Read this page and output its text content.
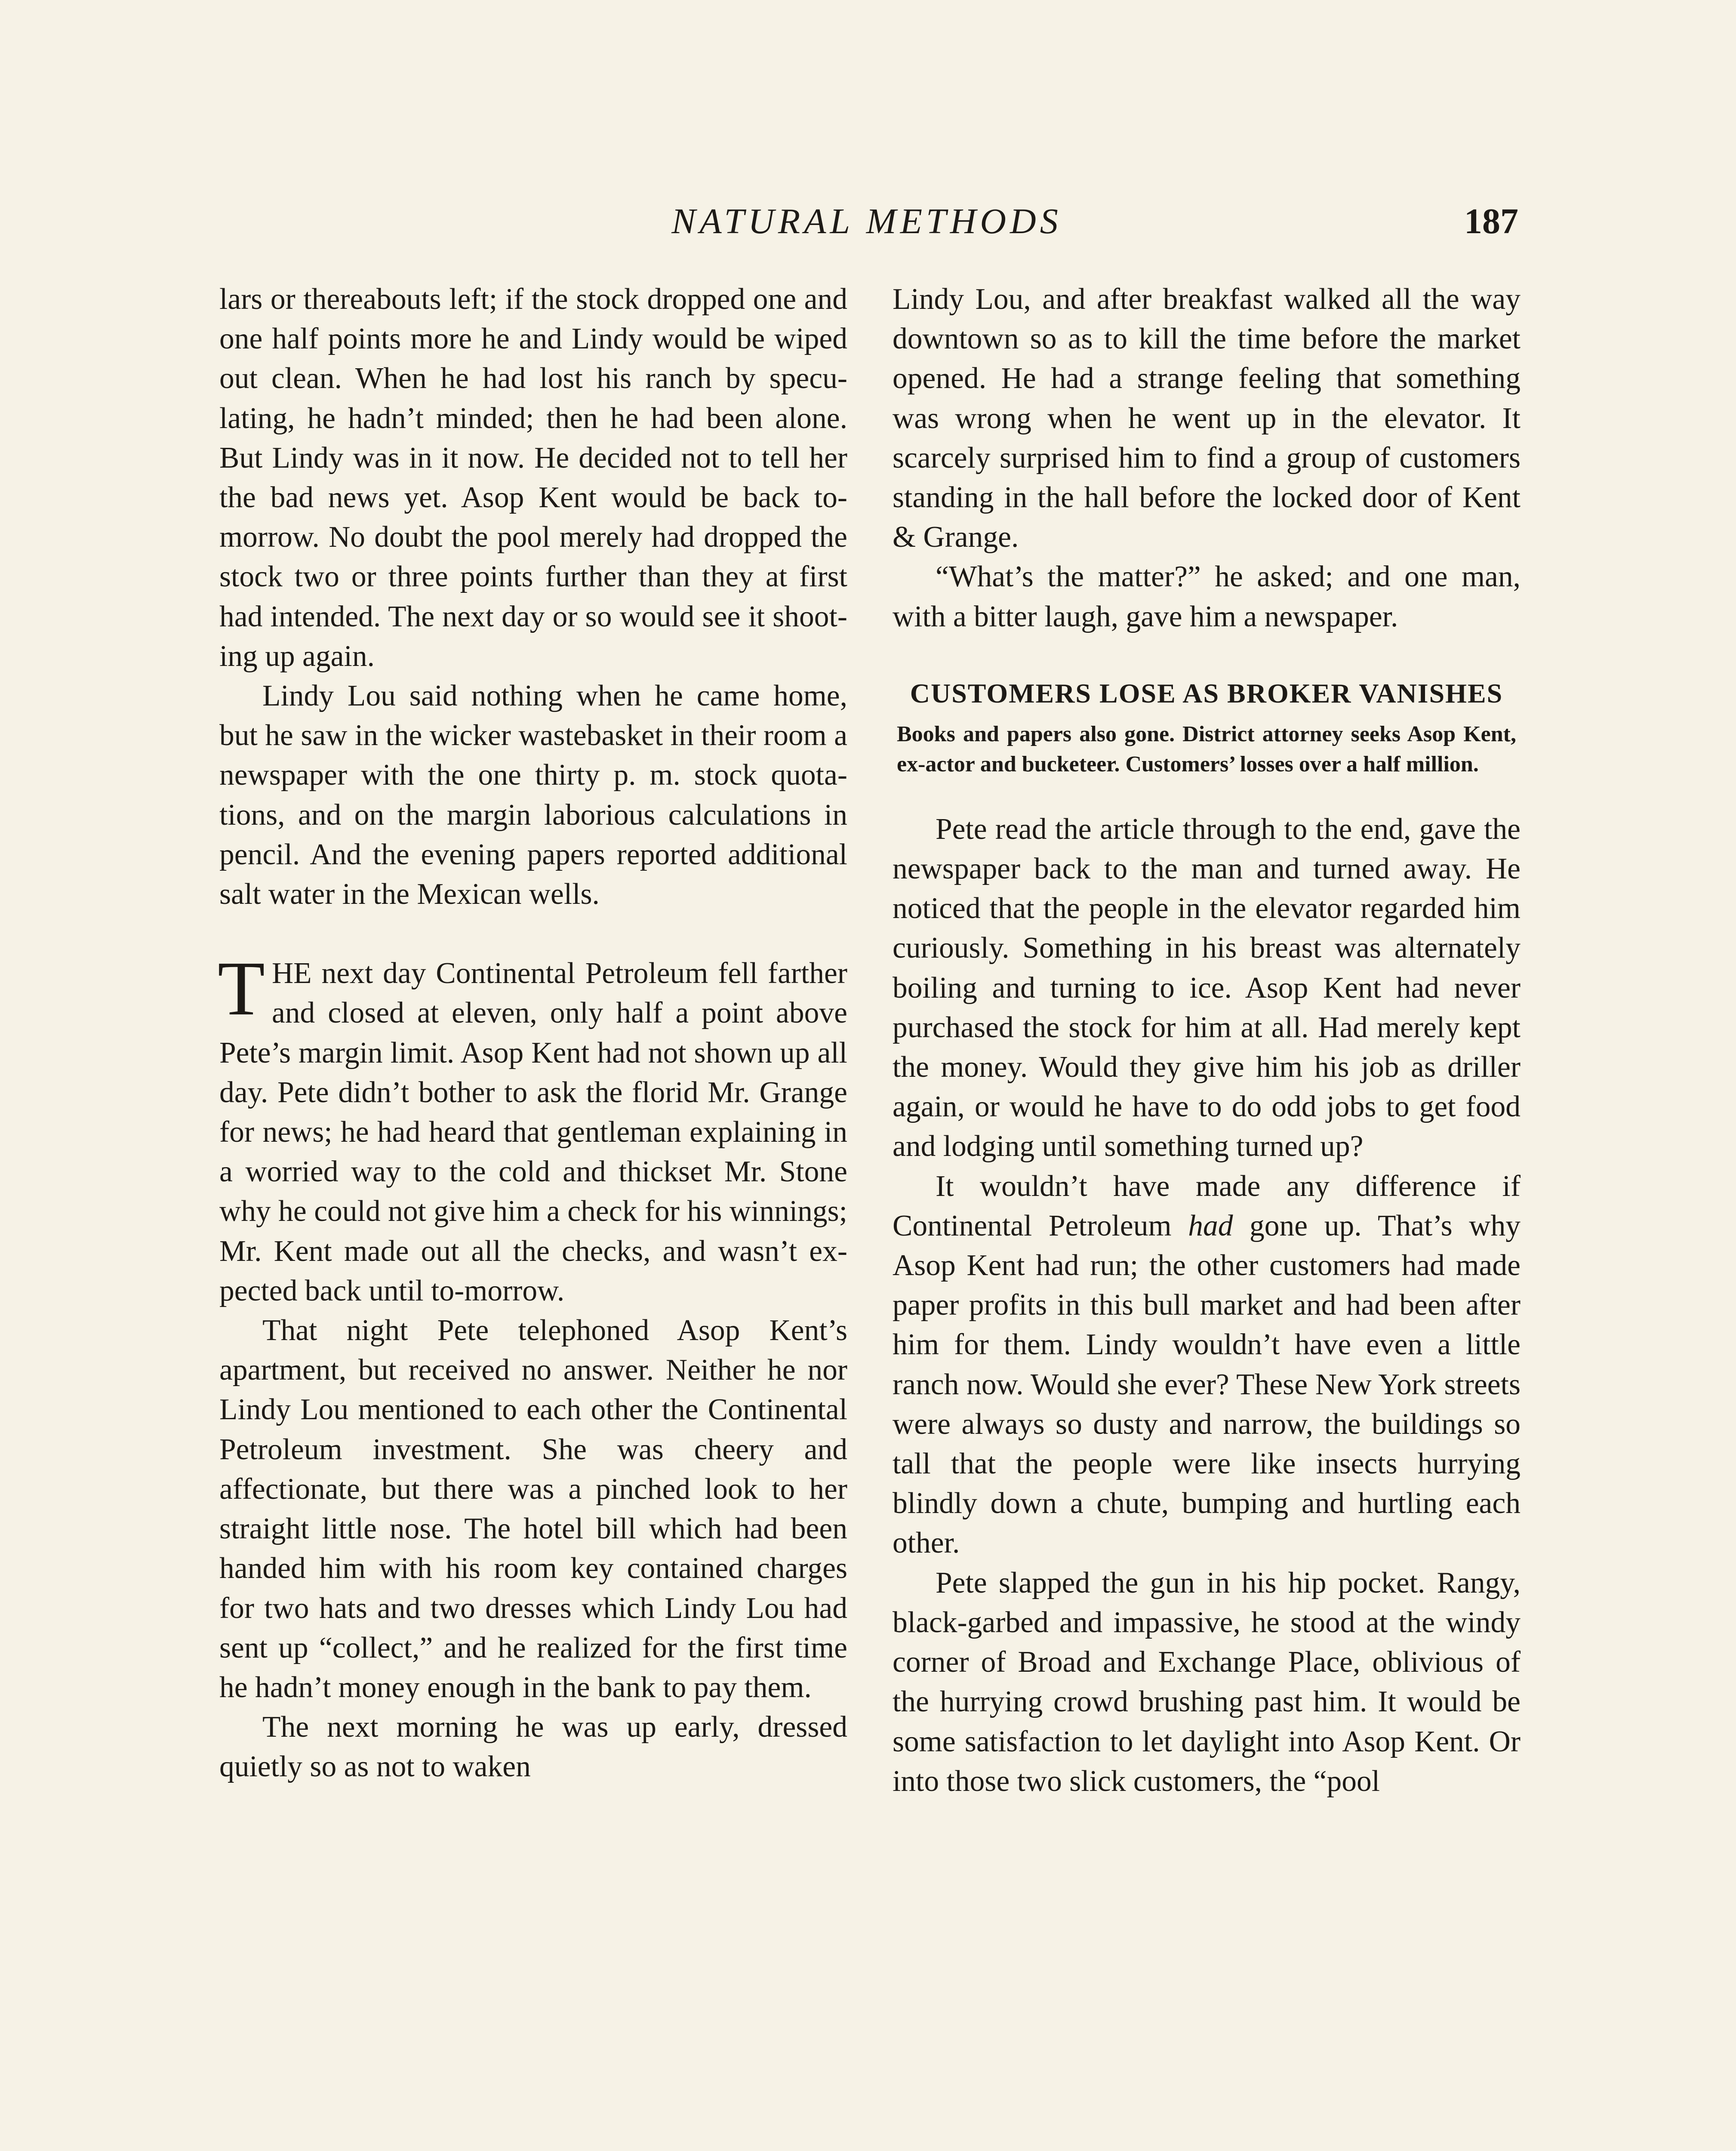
NATURAL METHODS	187

lars or thereabouts left; if the stock dropped one and one half points more he and Lindy would be wiped out clean. When he had lost his ranch by speculating, he hadn’t minded; then he had been alone. But Lindy was in it now. He decided not to tell her the bad news yet. Asop Kent would be back tomorrow. No doubt the pool merely had dropped the stock two or three points further than they at first had intended. The next day or so would see it shooting up again.

Lindy Lou said nothing when he came home, but he saw in the wicker wastebasket in their room a newspaper with the one thirty p. m. stock quotations, and on the margin laborious calculations in pencil. And the evening papers reported additional salt water in the Mexican wells.

THE next day Continental Petroleum fell farther and closed at eleven, only half a point above Pete’s margin limit. Asop Kent had not shown up all day. Pete didn’t bother to ask the florid Mr. Grange for news; he had heard that gentleman explaining in a worried way to the cold and thickset Mr. Stone why he could not give him a check for his winnings; Mr. Kent made out all the checks, and wasn’t expected back until to-morrow.

That night Pete telephoned Asop Kent’s apartment, but received no answer. Neither he nor Lindy Lou mentioned to each other the Continental Petroleum investment. She was cheery and affectionate, but there was a pinched look to her straight little nose. The hotel bill which had been handed him with his room key contained charges for two hats and two dresses which Lindy Lou had sent up “collect,” and he realized for the first time he hadn’t money enough in the bank to pay them.

The next morning he was up early, dressed quietly so as not to waken

Lindy Lou, and after breakfast walked all the way downtown so as to kill the time before the market opened. He had a strange feeling that something was wrong when he went up in the elevator. It scarcely surprised him to find a group of customers standing in the hall before the locked door of Kent & Grange.

“What’s the matter?” he asked; and one man, with a bitter laugh, gave him a newspaper.

CUSTOMERS LOSE AS BROKER VANISHES
Books and papers also gone. District attorney seeks Asop Kent, ex-actor and bucketeer. Customers’ losses over a half million.

Pete read the article through to the end, gave the newspaper back to the man and turned away. He noticed that the people in the elevator regarded him curiously. Something in his breast was alternately boiling and turning to ice. Asop Kent had never purchased the stock for him at all. Had merely kept the money. Would they give him his job as driller again, or would he have to do odd jobs to get food and lodging until something turned up?

It wouldn’t have made any difference if Continental Petroleum had gone up. That’s why Asop Kent had run; the other customers had made paper profits in this bull market and had been after him for them. Lindy wouldn’t have even a little ranch now. Would she ever? These New York streets were always so dusty and narrow, the buildings so tall that the people were like insects hurrying blindly down a chute, bumping and hurtling each other.

Pete slapped the gun in his hip pocket. Rangy, black-garbed and impassive, he stood at the windy corner of Broad and Exchange Place, oblivious of the hurrying crowd brushing past him. It would be some satisfaction to let daylight into Asop Kent. Or into those two slick customers, the “pool
